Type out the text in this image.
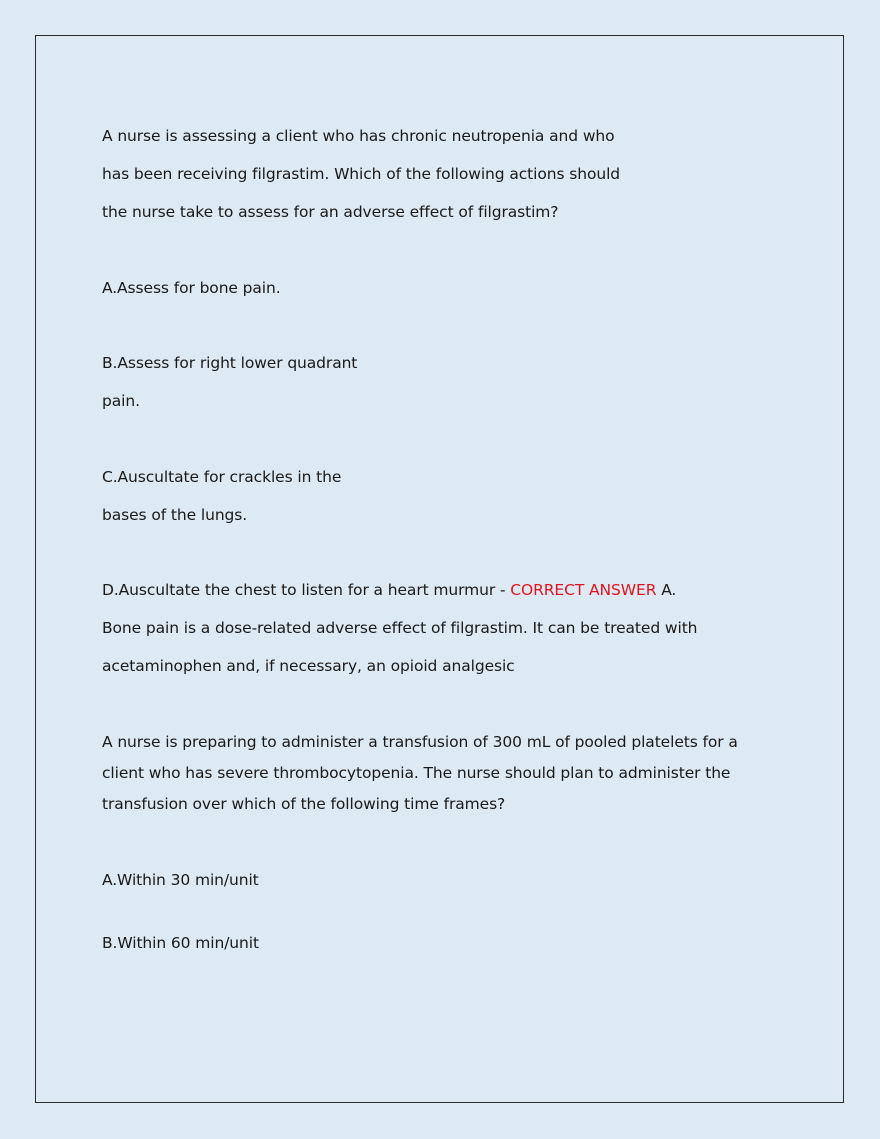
A nurse is assessing a client who has chronic neutropenia and who
has been receiving filgrastim. Which of the following actions should
the nurse take to assess for an adverse effect of filgrastim?
A.Assess for bone pain.
B.Assess for right lower quadrant
pain.
C.Auscultate for crackles in the
bases of the lungs.
D.Auscultate the chest to listen for a heart murmur - CORRECT ANSWER A.
Bone pain is a dose-related adverse effect of filgrastim. It can be treated with
acetaminophen and, if necessary, an opioid analgesic
A nurse is preparing to administer a transfusion of 300 mL of pooled platelets for a
client who has severe thrombocytopenia. The nurse should plan to administer the
transfusion over which of the following time frames?
A.Within 30 min/unit
B.Within 60 min/unit
